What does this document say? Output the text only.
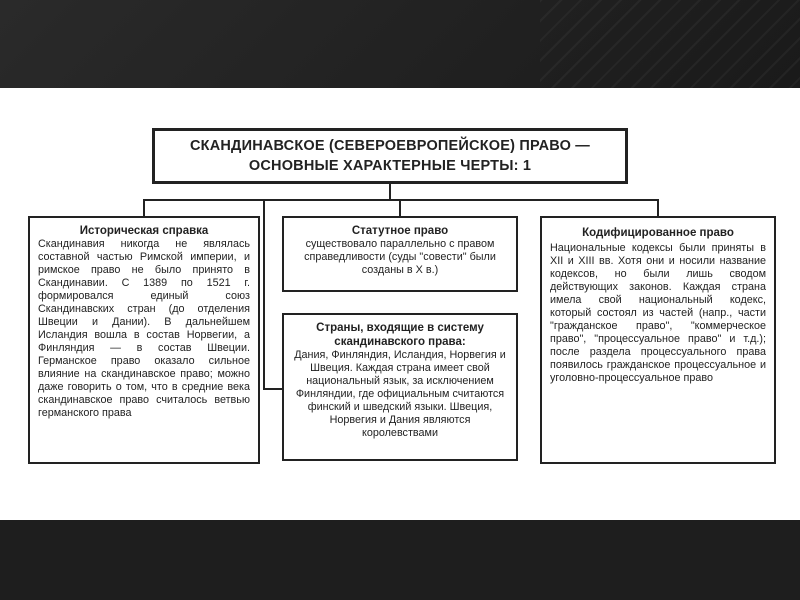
СКАНДИНАВСКОЕ (СЕВЕРОЕВРОПЕЙСКОЕ) ПРАВО —
ОСНОВНЫЕ ХАРАКТЕРНЫЕ ЧЕРТЫ: 1
Историческая справка
Скандинавия никогда не являлась составной частью Римской империи, и римское право не было принято в Скандинавии. С 1389 по 1521 г. формировался единый союз Скандинавских стран (до отделения Швеции и Дании). В дальнейшем Исландия вошла в состав Норвегии, а Финляндия — в состав Швеции. Германское право оказало сильное влияние на скандинавское право; можно даже говорить о том, что в средние века скандинавское право считалось ветвью германского права
Статутное право
существовало параллельно с правом справедливости (суды "совести" были созданы в X в.)
Страны, входящие в систему скандинавского права:
Дания, Финляндия, Исландия, Норвегия и Швеция. Каждая страна имеет свой национальный язык, за исключением Финляндии, где официальным считаются финский и шведский языки. Швеция, Норвегия и Дания являются королевствами
Кодифицированное право
Национальные кодексы были приняты в XII и XIII вв. Хотя они и носили название кодексов, но были лишь сводом действующих законов. Каждая страна имела свой национальный кодекс, который состоял из частей (напр., части "гражданское право", "коммерческое право", "процессуальное право" и т.д.); после раздела процессуального права появилось гражданское процессуальное и уголовно-процессуальное право
